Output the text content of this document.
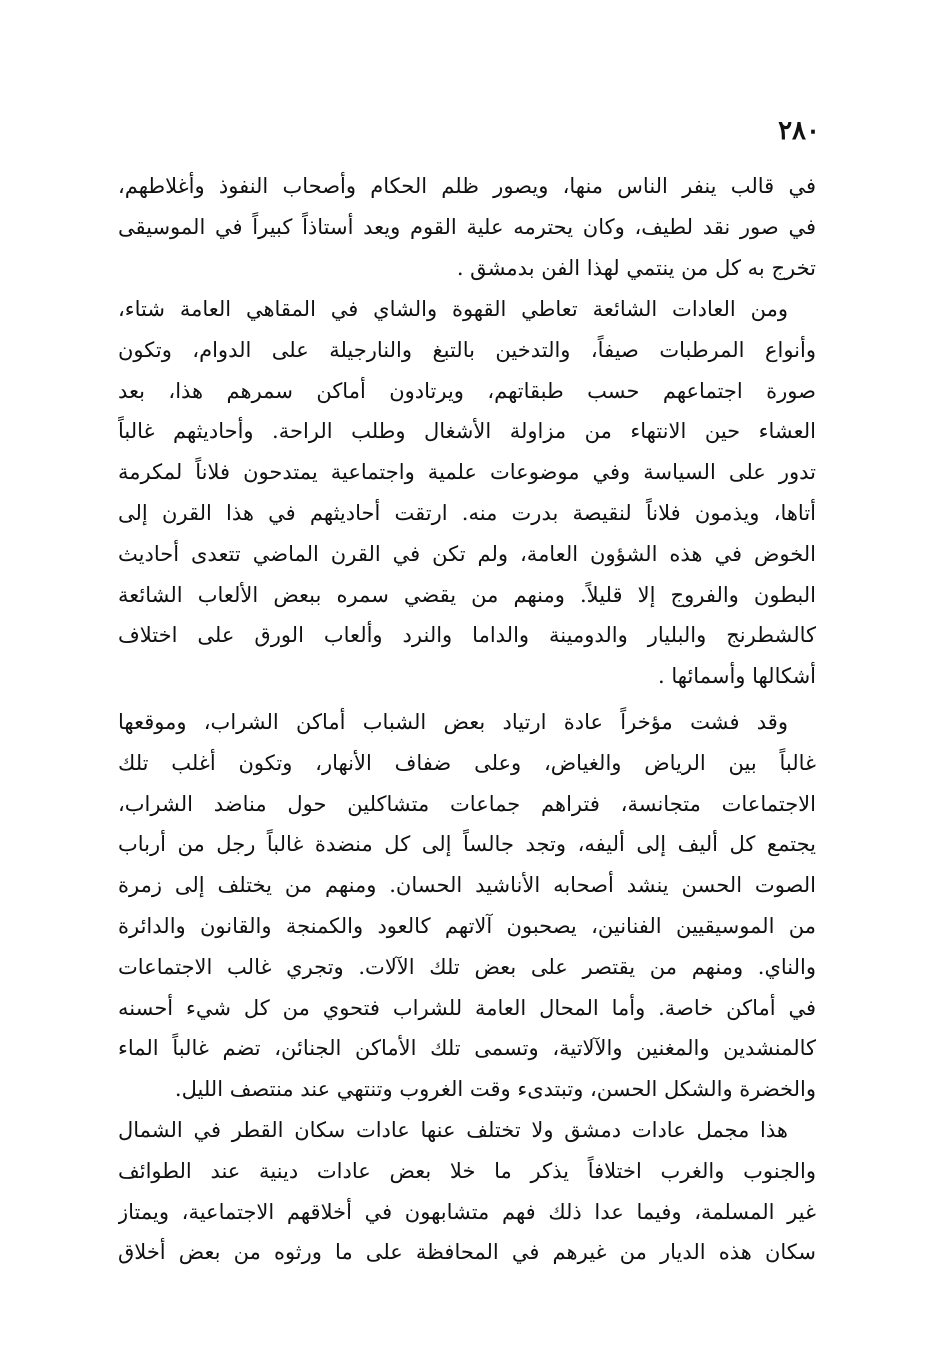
٢٨٠
في قالب ينفر الناس منها، ويصور ظلم الحكام وأصحاب النفوذ وأغلاطهم،
في صور نقد لطيف، وكان يحترمه علية القوم ويعد أستاذاً كبيراً في الموسيقى
تخرج به كل من ينتمي لهذا الفن بدمشق .
ومن العادات الشائعة تعاطي القهوة والشاي في المقاهي العامة شتاء،
وأنواع المرطبات صيفاً، والتدخين بالتبغ والنارجيلة على الدوام، وتكون
صورة اجتماعهم حسب طبقاتهم، ويرتادون أماكن سمرهم هذا، بعد
العشاء حين الانتهاء من مزاولة الأشغال وطلب الراحة. وأحاديثهم غالباً
تدور على السياسة وفي موضوعات علمية واجتماعية يمتدحون فلاناً لمكرمة
أتاها، ويذمون فلاناً لنقيصة بدرت منه. ارتقت أحاديثهم في هذا القرن إلى
الخوض في هذه الشؤون العامة، ولم تكن في القرن الماضي تتعدى أحاديث
البطون والفروج إلا قليلاً. ومنهم من يقضي سمره ببعض الألعاب الشائعة
كالشطرنج والبليار والدومينة والداما والنرد وألعاب الورق على اختلاف
أشكالها وأسمائها .
وقد فشت مؤخراً عادة ارتياد بعض الشباب أماكن الشراب، وموقعها
غالباً بين الرياض والغياض، وعلى ضفاف الأنهار، وتكون أغلب تلك
الاجتماعات متجانسة، فتراهم جماعات متشاكلين حول مناضد الشراب،
يجتمع كل أليف إلى أليفه، وتجد جالساً إلى كل منضدة غالباً رجل من أرباب
الصوت الحسن ينشد أصحابه الأناشيد الحسان. ومنهم من يختلف إلى زمرة
من الموسيقيين الفنانين، يصحبون آلاتهم كالعود والكمنجة والقانون والدائرة
والناي. ومنهم من يقتصر على بعض تلك الآلات. وتجري غالب الاجتماعات
في أماكن خاصة. وأما المحال العامة للشراب فتحوي من كل شيء أحسنه
كالمنشدين والمغنين والآلاتية، وتسمى تلك الأماكن الجنائن، تضم غالباً الماء
والخضرة والشكل الحسن، وتبتدىء وقت الغروب وتنتهي عند منتصف الليل.
هذا مجمل عادات دمشق ولا تختلف عنها عادات سكان القطر في الشمال
والجنوب والغرب اختلافاً يذكر ما خلا بعض عادات دينية عند الطوائف
غير المسلمة، وفيما عدا ذلك فهم متشابهون في أخلاقهم الاجتماعية، ويمتاز
سكان هذه الديار من غيرهم في المحافظة على ما ورثوه من بعض أخلاق
